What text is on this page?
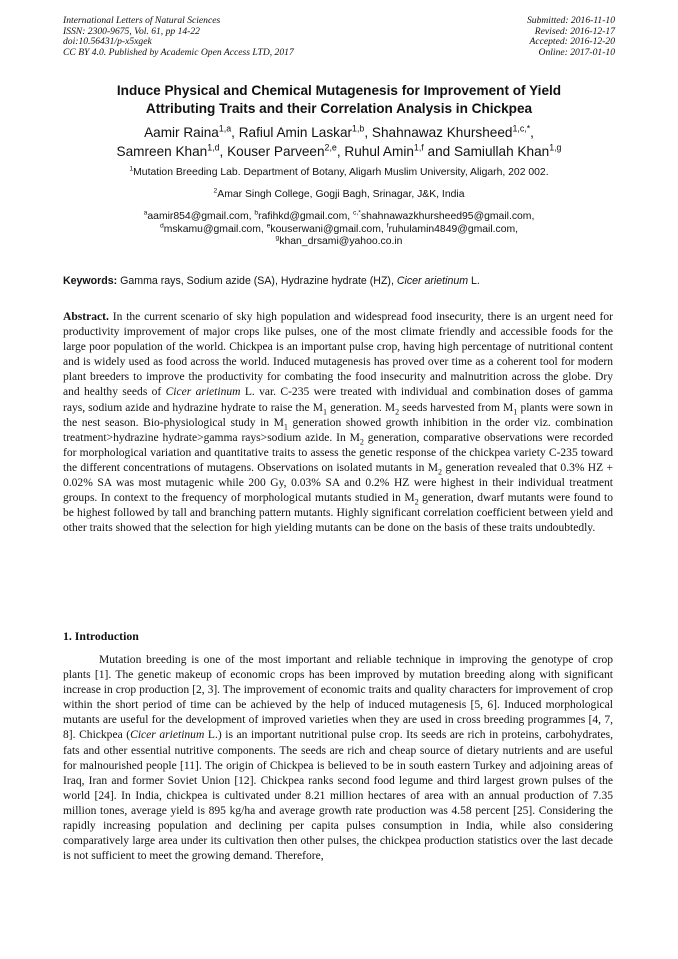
International Letters of Natural Sciences
ISSN: 2300-9675, Vol. 61, pp 14-22
doi:10.56431/p-x5xgek
CC BY 4.0. Published by Academic Open Access LTD, 2017
Submitted: 2016-11-10
Revised: 2016-12-17
Accepted: 2016-12-20
Online: 2017-01-10
Induce Physical and Chemical Mutagenesis for Improvement of Yield
Attributing Traits and their Correlation Analysis in Chickpea
Aamir Raina$^{1,a}$, Rafiul Amin Laskar$^{1,b}$, Shahnawaz Khursheed$^{1,c,*}$,
Samreen Khan$^{1,d}$, Kouser Parveen$^{2,e}$, Ruhul Amin$^{1,f}$ and Samiullah Khan$^{1,g}$
$^1$Mutation Breeding Lab. Department of Botany, Aligarh Muslim University, Aligarh, 202 002.
$^2$Amar Singh College, Gogji Bagh, Srinagar, J&K, India
$^a$aamir854@gmail.com, $^b$rafihkd@gmail.com, $^{c,*}$shahnawazkhursheed95@gmail.com,
$^d$mskamu@gmail.com, $^e$kouserwani@gmail.com, $^f$ruhulamin4849@gmail.com,
$^g$khan_drsami@yahoo.co.in
Keywords: Gamma rays, Sodium azide (SA), Hydrazine hydrate (HZ), Cicer arietinum L.

Abstract. In the current scenario of sky high population and widespread food insecurity, there is an urgent need for productivity improvement of major crops like pulses, one of the most climate friendly and accessible foods for the large poor population of the world. Chickpea is an important pulse crop, having high percentage of nutritional content and is widely used as food across the world. Induced mutagenesis has proved over time as a coherent tool for modern plant breeders to improve the productivity for combating the food insecurity and malnutrition across the globe. Dry and healthy seeds of Cicer arietinum L. var. C-235 were treated with individual and combination doses of gamma rays, sodium azide and hydrazine hydrate to raise the $M_1$ generation. $M_2$ seeds harvested from $M_1$ plants were sown in the nest season. Bio-physiological study in $M_1$ generation showed growth inhibition in the order viz. combination treatment>hydrazine hydrate>gamma rays>sodium azide. In $M_2$ generation, comparative observations were recorded for morphological variation and quantitative traits to assess the genetic response of the chickpea variety C-235 toward the different concentrations of mutagens. Observations on isolated mutants in $M_2$ generation revealed that 0.3% HZ + 0.02% SA was most mutagenic while 200 Gy, 0.03% SA and 0.2% HZ were highest in their individual treatment groups. In context to the frequency of morphological mutants studied in $M_2$ generation, dwarf mutants were found to be highest followed by tall and branching pattern mutants. Highly significant correlation coefficient between yield and other traits showed that the selection for high yielding mutants can be done on the basis of these traits undoubtedly.

1. Introduction

Mutation breeding is one of the most important and reliable technique in improving the genotype of crop plants [1]. The genetic makeup of economic crops has been improved by mutation breeding along with significant increase in crop production [2, 3]. The improvement of economic traits and quality characters for improvement of crop within the short period of time can be achieved by the help of induced mutagenesis [5, 6]. Induced morphological mutants are useful for the development of improved varieties when they are used in cross breeding programmes [4, 7, 8]. Chickpea (Cicer arietinum L.) is an important nutritional pulse crop. Its seeds are rich in proteins, carbohydrates, fats and other essential nutritive components. The seeds are rich and cheap source of dietary nutrients and are useful for malnourished people [11]. The origin of Chickpea is believed to be in south eastern Turkey and adjoining areas of Iraq, Iran and former Soviet Union [12]. Chickpea ranks second food legume and third largest grown pulses of the world [24]. In India, chickpea is cultivated under 8.21 million hectares of area with an annual production of 7.35 million tones, average yield is 895 kg/ha and average growth rate production was 4.58 percent [25]. Considering the rapidly increasing population and declining per capita pulses consumption in India, while also considering comparatively large area under its cultivation then other pulses, the chickpea production statistics over the last decade is not sufficient to meet the growing demand. Therefore,
